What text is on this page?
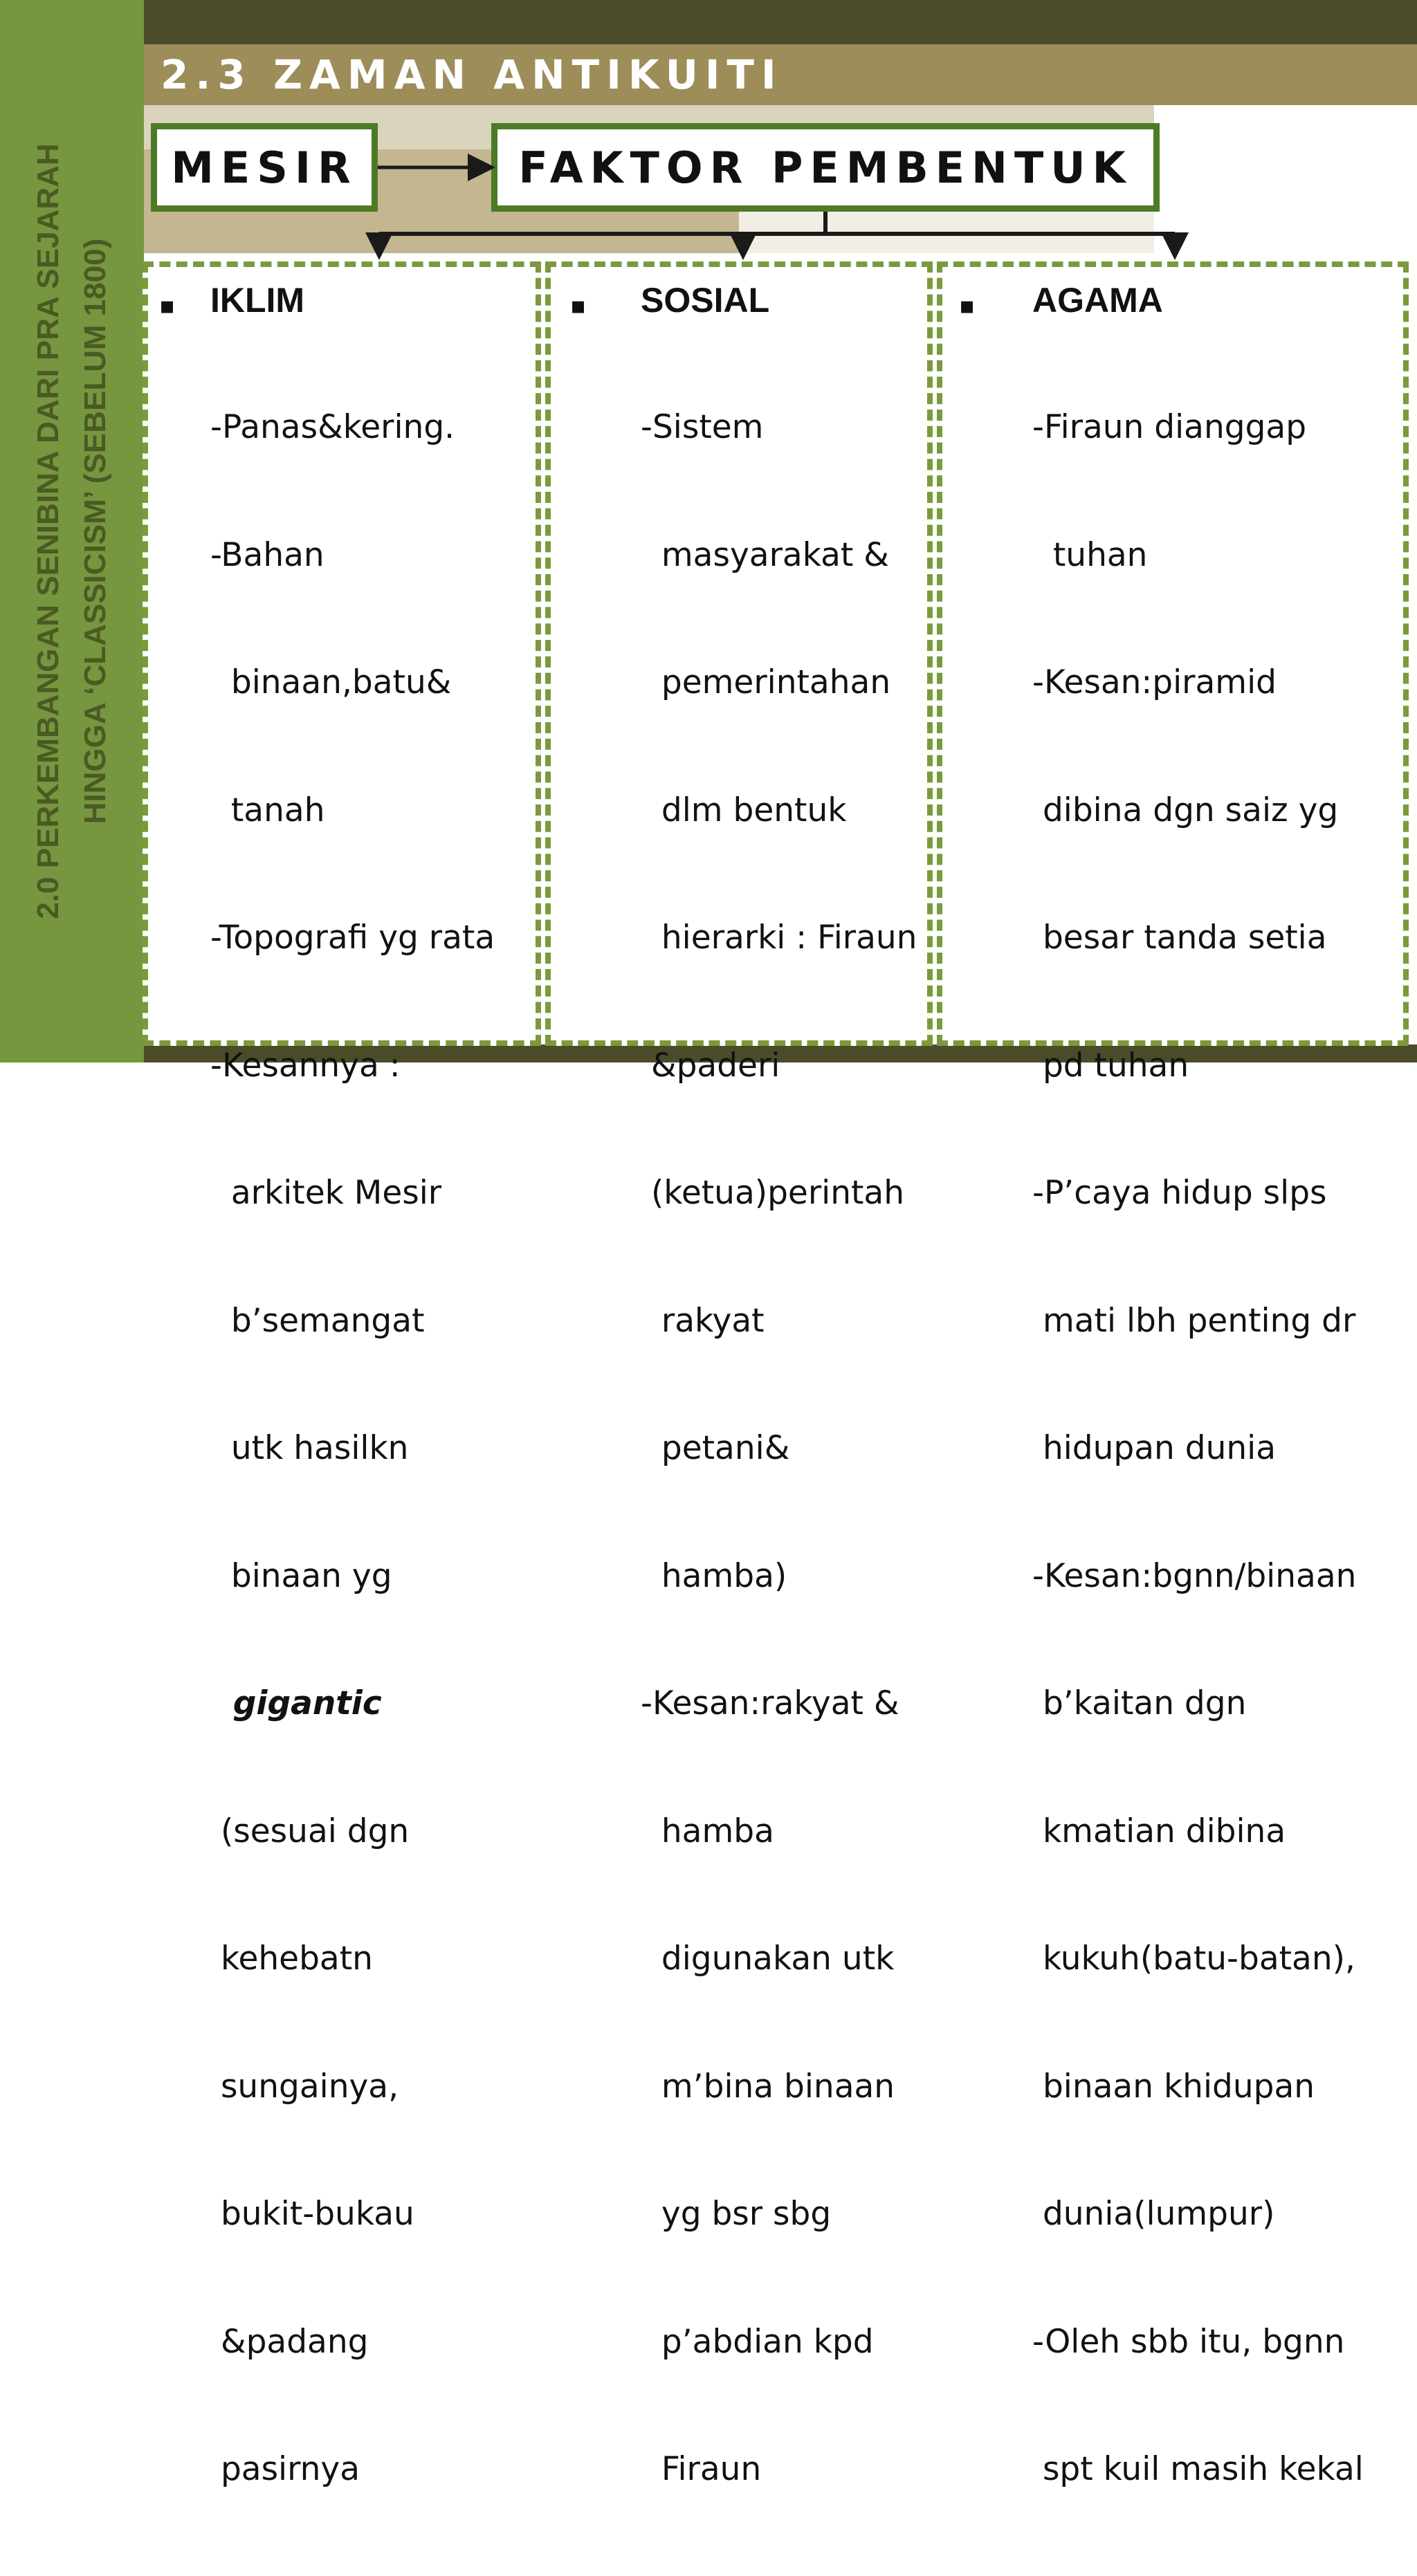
2.0 PERKEMBANGAN SENIBINA DARI PRA SEJARAH HINGGA ‘CLASSICISM’ (SEBELUM 1800)
2.3 ZAMAN ANTIKUITI
MESIR	FAKTOR PEMBENTUK
▪ IKLIM

-Panas&kering.

-Bahan

binaan,batu&

tanah

-Topografi yg rata

-Kesannya :

arkitek Mesir

b’semangat

utk hasilkn

binaan yg

gigantic

(sesuai dgn

kehebatn

sungainya,

bukit-bukau

&padang

pasirnya

▪ SOSIAL

-Sistem

masyarakat &

pemerintahan

dlm bentuk

hierarki : Firaun

&paderi

(ketua)perintah

rakyat

petani&

hamba)

-Kesan:rakyat &

hamba

digunakan utk

m’bina binaan

yg bsr sbg

p’abdian kpd

Firaun

▪ AGAMA

-Firaun dianggap

tuhan

-Kesan:piramid

dibina dgn saiz yg

besar tanda setia

pd tuhan

-P’caya hidup slps

mati lbh penting dr

hidupan dunia

-Kesan:bgnn/binaan

b’kaitan dgn

kmatian dibina

kukuh(batu-batan),

binaan khidupan

dunia(lumpur)

-Oleh sbb itu, bgnn

spt kuil masih kekal
